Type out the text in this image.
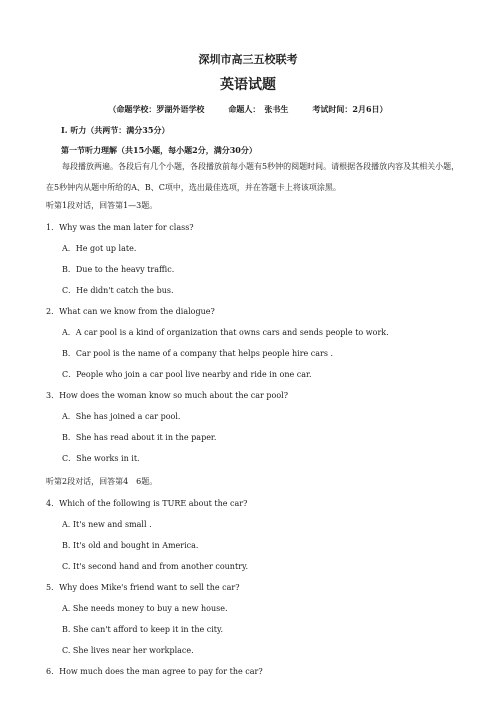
深圳市高三五校联考
英语试题
（命题学校：罗湖外语学校　　　命题人：　张书生　　　考试时间：2月6日）
I. 听力（共两节：满分35分）
第一节听力理解（共15小题，每小题2分，满分30分）
每段播放两遍。各段后有几个小题，各段播放前每小题有5秒钟的阅题时间。请根据各段播放内容及其相关小题，在5秒钟内从题中所给的A、B、C项中，选出最佳选项，并在答题卡上将该项涂黑。
听第1段对话，回答第1—3题。
1．Why was the man later for class?
A．He got up late.
B．Due to the heavy traffic.
C．He didn't catch the bus.
2．What can we know from the dialogue?
A．A car pool is a kind of organization that owns cars and sends people to work.
B．Car pool is the name of a company that helps people hire cars .
C．People who join a car pool live nearby and ride in one car.
3．How does the woman know so much about the car pool?
A．She has joined a car pool.
B．She has read about it in the paper.
C．She works in it.
听第2段对话，回答第4　6题。
4．Which of the following is TURE about the car?
A. It's new and small .
B. It's old and bought in America.
C. It's second hand and from another country.
5．Why does Mike's friend want to sell the car?
A. She needs money to buy a new house.
B. She can't afford to keep it in the city.
C. She lives near her workplace.
6．How much does the man agree to pay for the car?
